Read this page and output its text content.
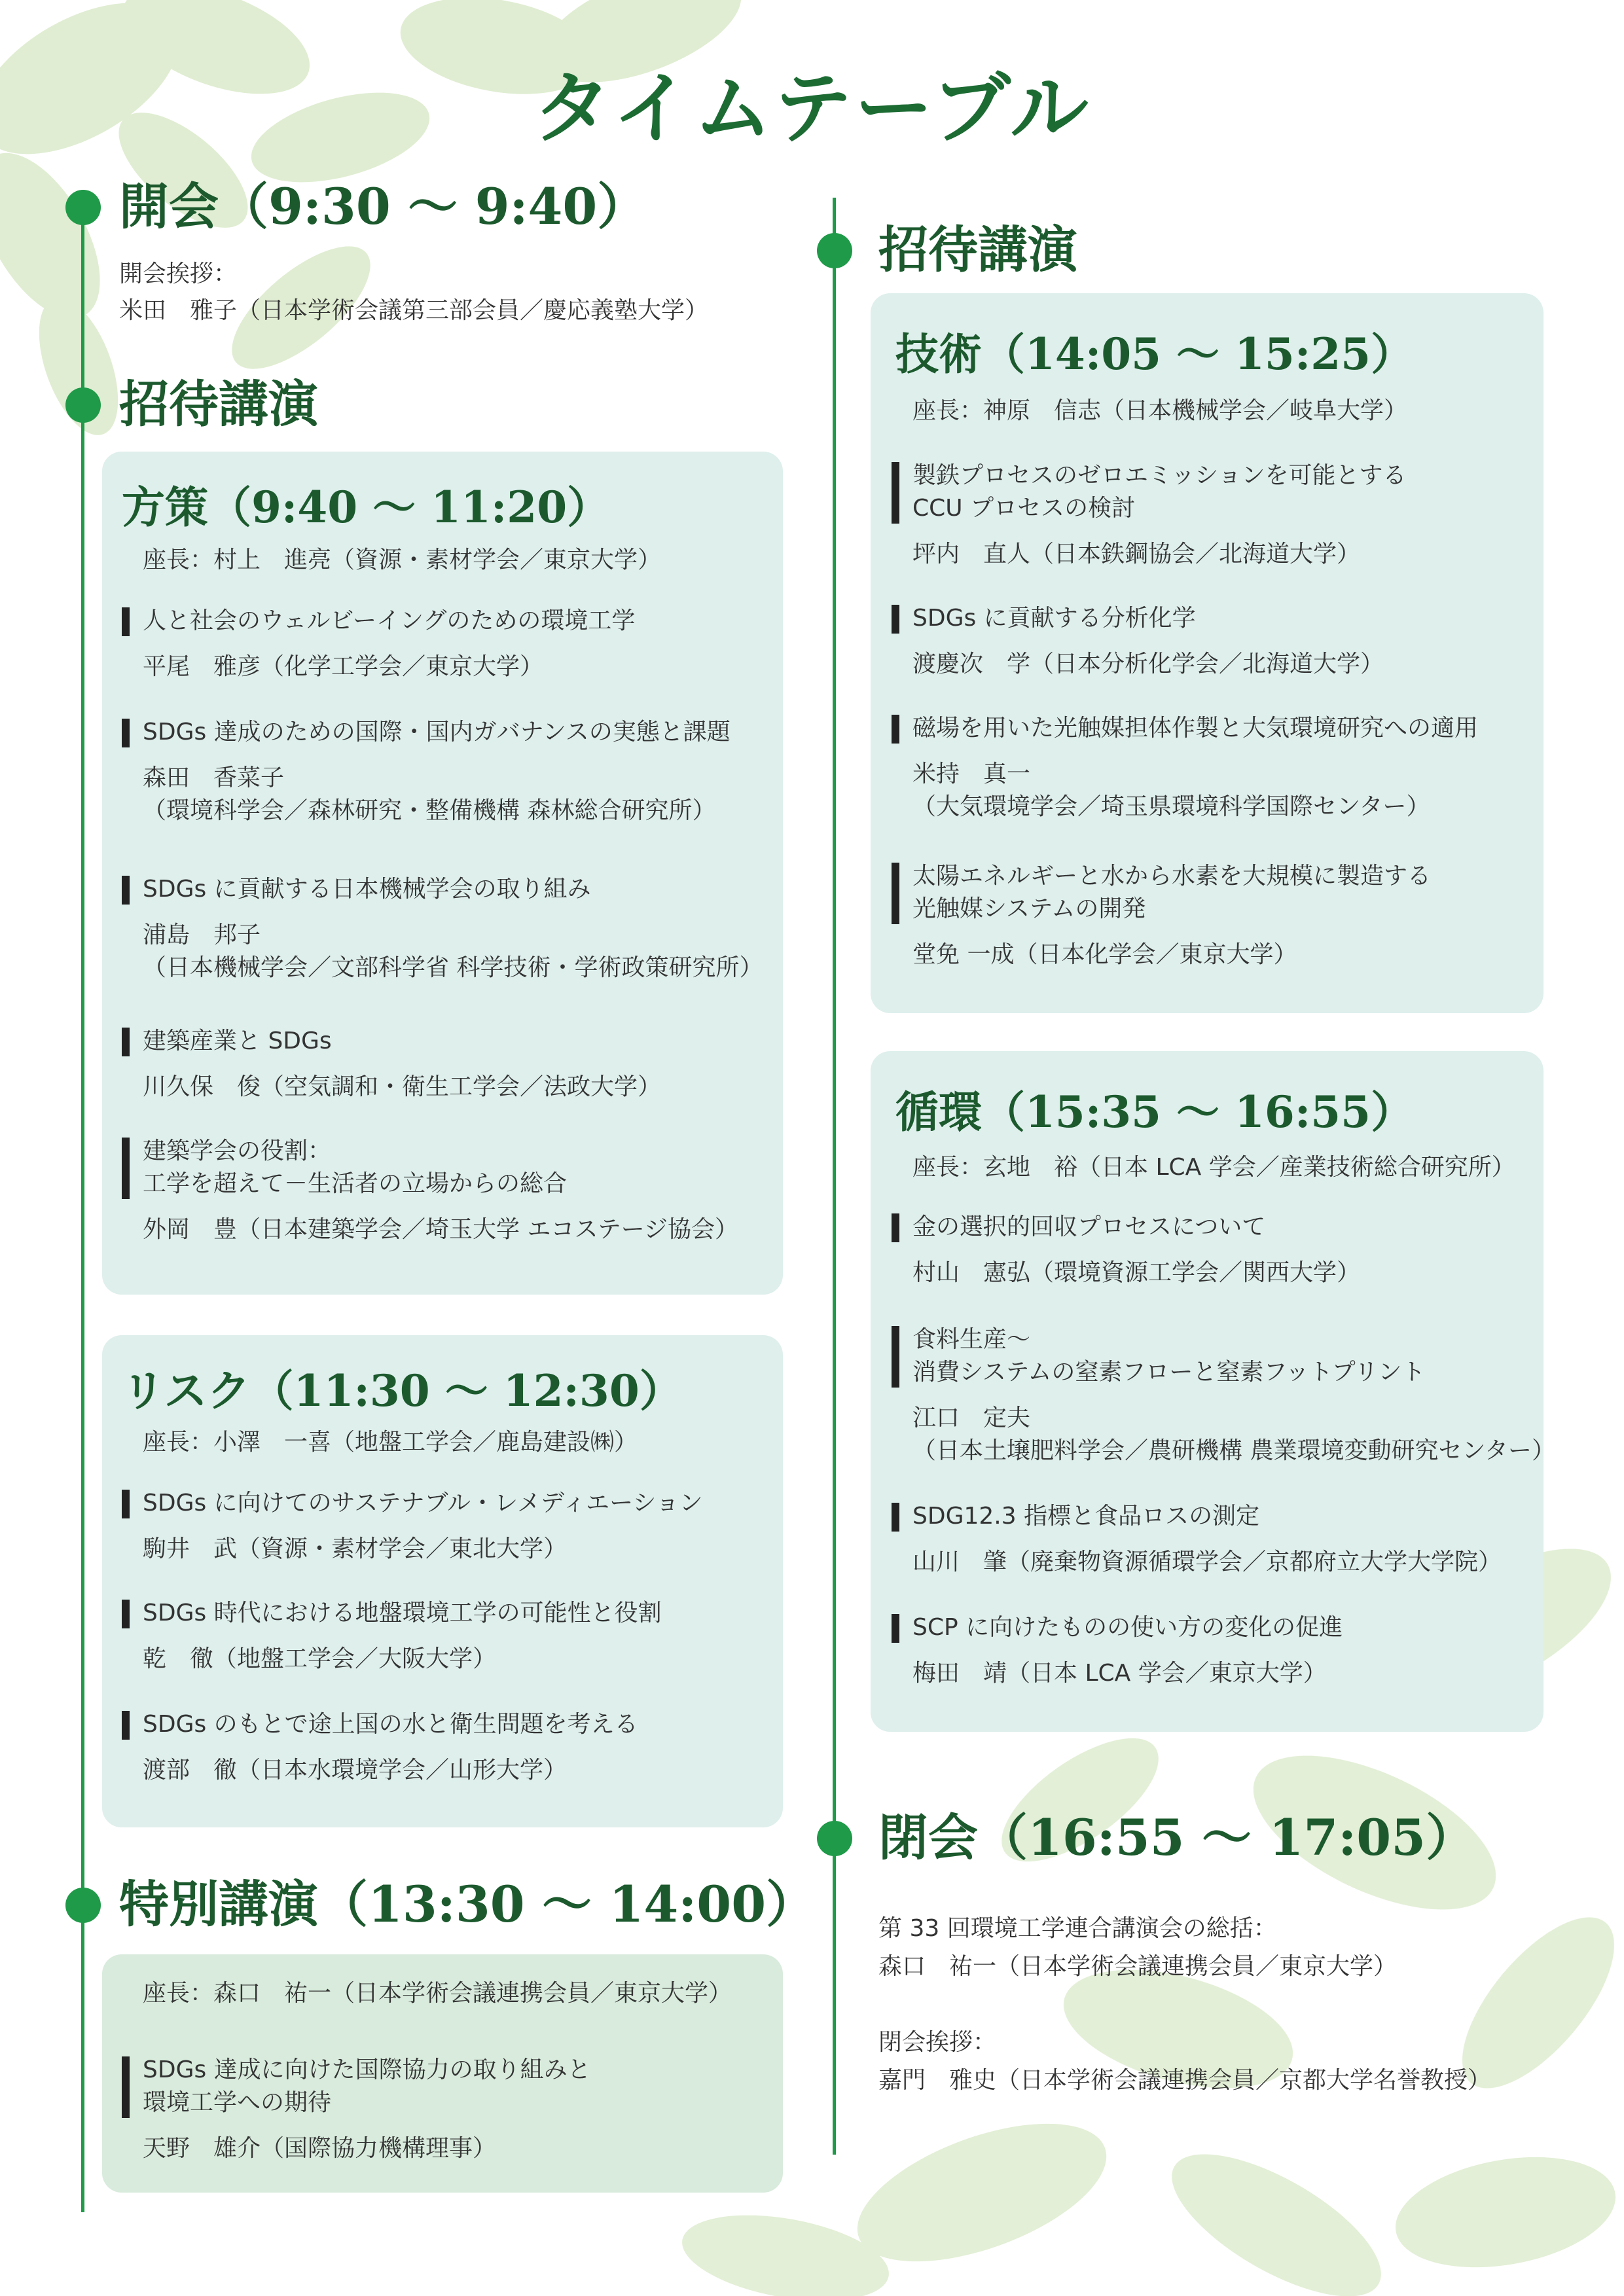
タイムテーブル
開会（9:30 ～ 9:40）
開会挨拶：
米田　雅子（日本学術会議第三部会員／慶応義塾大学）
招待講演
方策（9:40 ～ 11:20）
座長：村上　進亮（資源・素材学会／東京大学）
人と社会のウェルビーイングのための環境工学
平尾　雅彦（化学工学会／東京大学）
SDGs 達成のための国際・国内ガバナンスの実態と課題
森田　香菜子
（環境科学会／森林研究・整備機構 森林総合研究所）
SDGs に貢献する日本機械学会の取り組み
浦島　邦子
（日本機械学会／文部科学省 科学技術・学術政策研究所）
建築産業と SDGs
川久保　俊（空気調和・衛生工学会／法政大学）
建築学会の役割：
工学を超えて－生活者の立場からの総合
外岡　豊（日本建築学会／埼玉大学 エコステージ協会）
リスク（11:30 ～ 12:30）
座長：小澤　一喜（地盤工学会／鹿島建設㈱）
SDGs に向けてのサステナブル・レメディエーション
駒井　武（資源・素材学会／東北大学）
SDGs 時代における地盤環境工学の可能性と役割
乾　徹（地盤工学会／大阪大学）
SDGs のもとで途上国の水と衛生問題を考える
渡部　徹（日本水環境学会／山形大学）
特別講演（13:30 ～ 14:00）
座長：森口　祐一（日本学術会議連携会員／東京大学）
SDGs 達成に向けた国際協力の取り組みと
環境工学への期待
天野　雄介（国際協力機構理事）
招待講演
技術（14:05 ～ 15:25）
座長：神原　信志（日本機械学会／岐阜大学）
製鉄プロセスのゼロエミッションを可能とする
CCU プロセスの検討
坪内　直人（日本鉄鋼協会／北海道大学）
SDGs に貢献する分析化学
渡慶次　学（日本分析化学会／北海道大学）
磁場を用いた光触媒担体作製と大気環境研究への適用
米持　真一
（大気環境学会／埼玉県環境科学国際センター）
太陽エネルギーと水から水素を大規模に製造する
光触媒システムの開発
堂免 一成（日本化学会／東京大学）
循環（15:35 ～ 16:55）
座長：玄地　裕（日本 LCA 学会／産業技術総合研究所）
金の選択的回収プロセスについて
村山　憲弘（環境資源工学会／関西大学）
食料生産～
消費システムの窒素フローと窒素フットプリント
江口　定夫
（日本土壌肥料学会／農研機構 農業環境変動研究センター）
SDG12.3 指標と食品ロスの測定
山川　肇（廃棄物資源循環学会／京都府立大学大学院）
SCP に向けたものの使い方の変化の促進
梅田　靖（日本 LCA 学会／東京大学）
閉会（16:55 ～ 17:05）
第 33 回環境工学連合講演会の総括：
森口　祐一（日本学術会議連携会員／東京大学）
閉会挨拶：
嘉門　雅史（日本学術会議連携会員／京都大学名誉教授）
